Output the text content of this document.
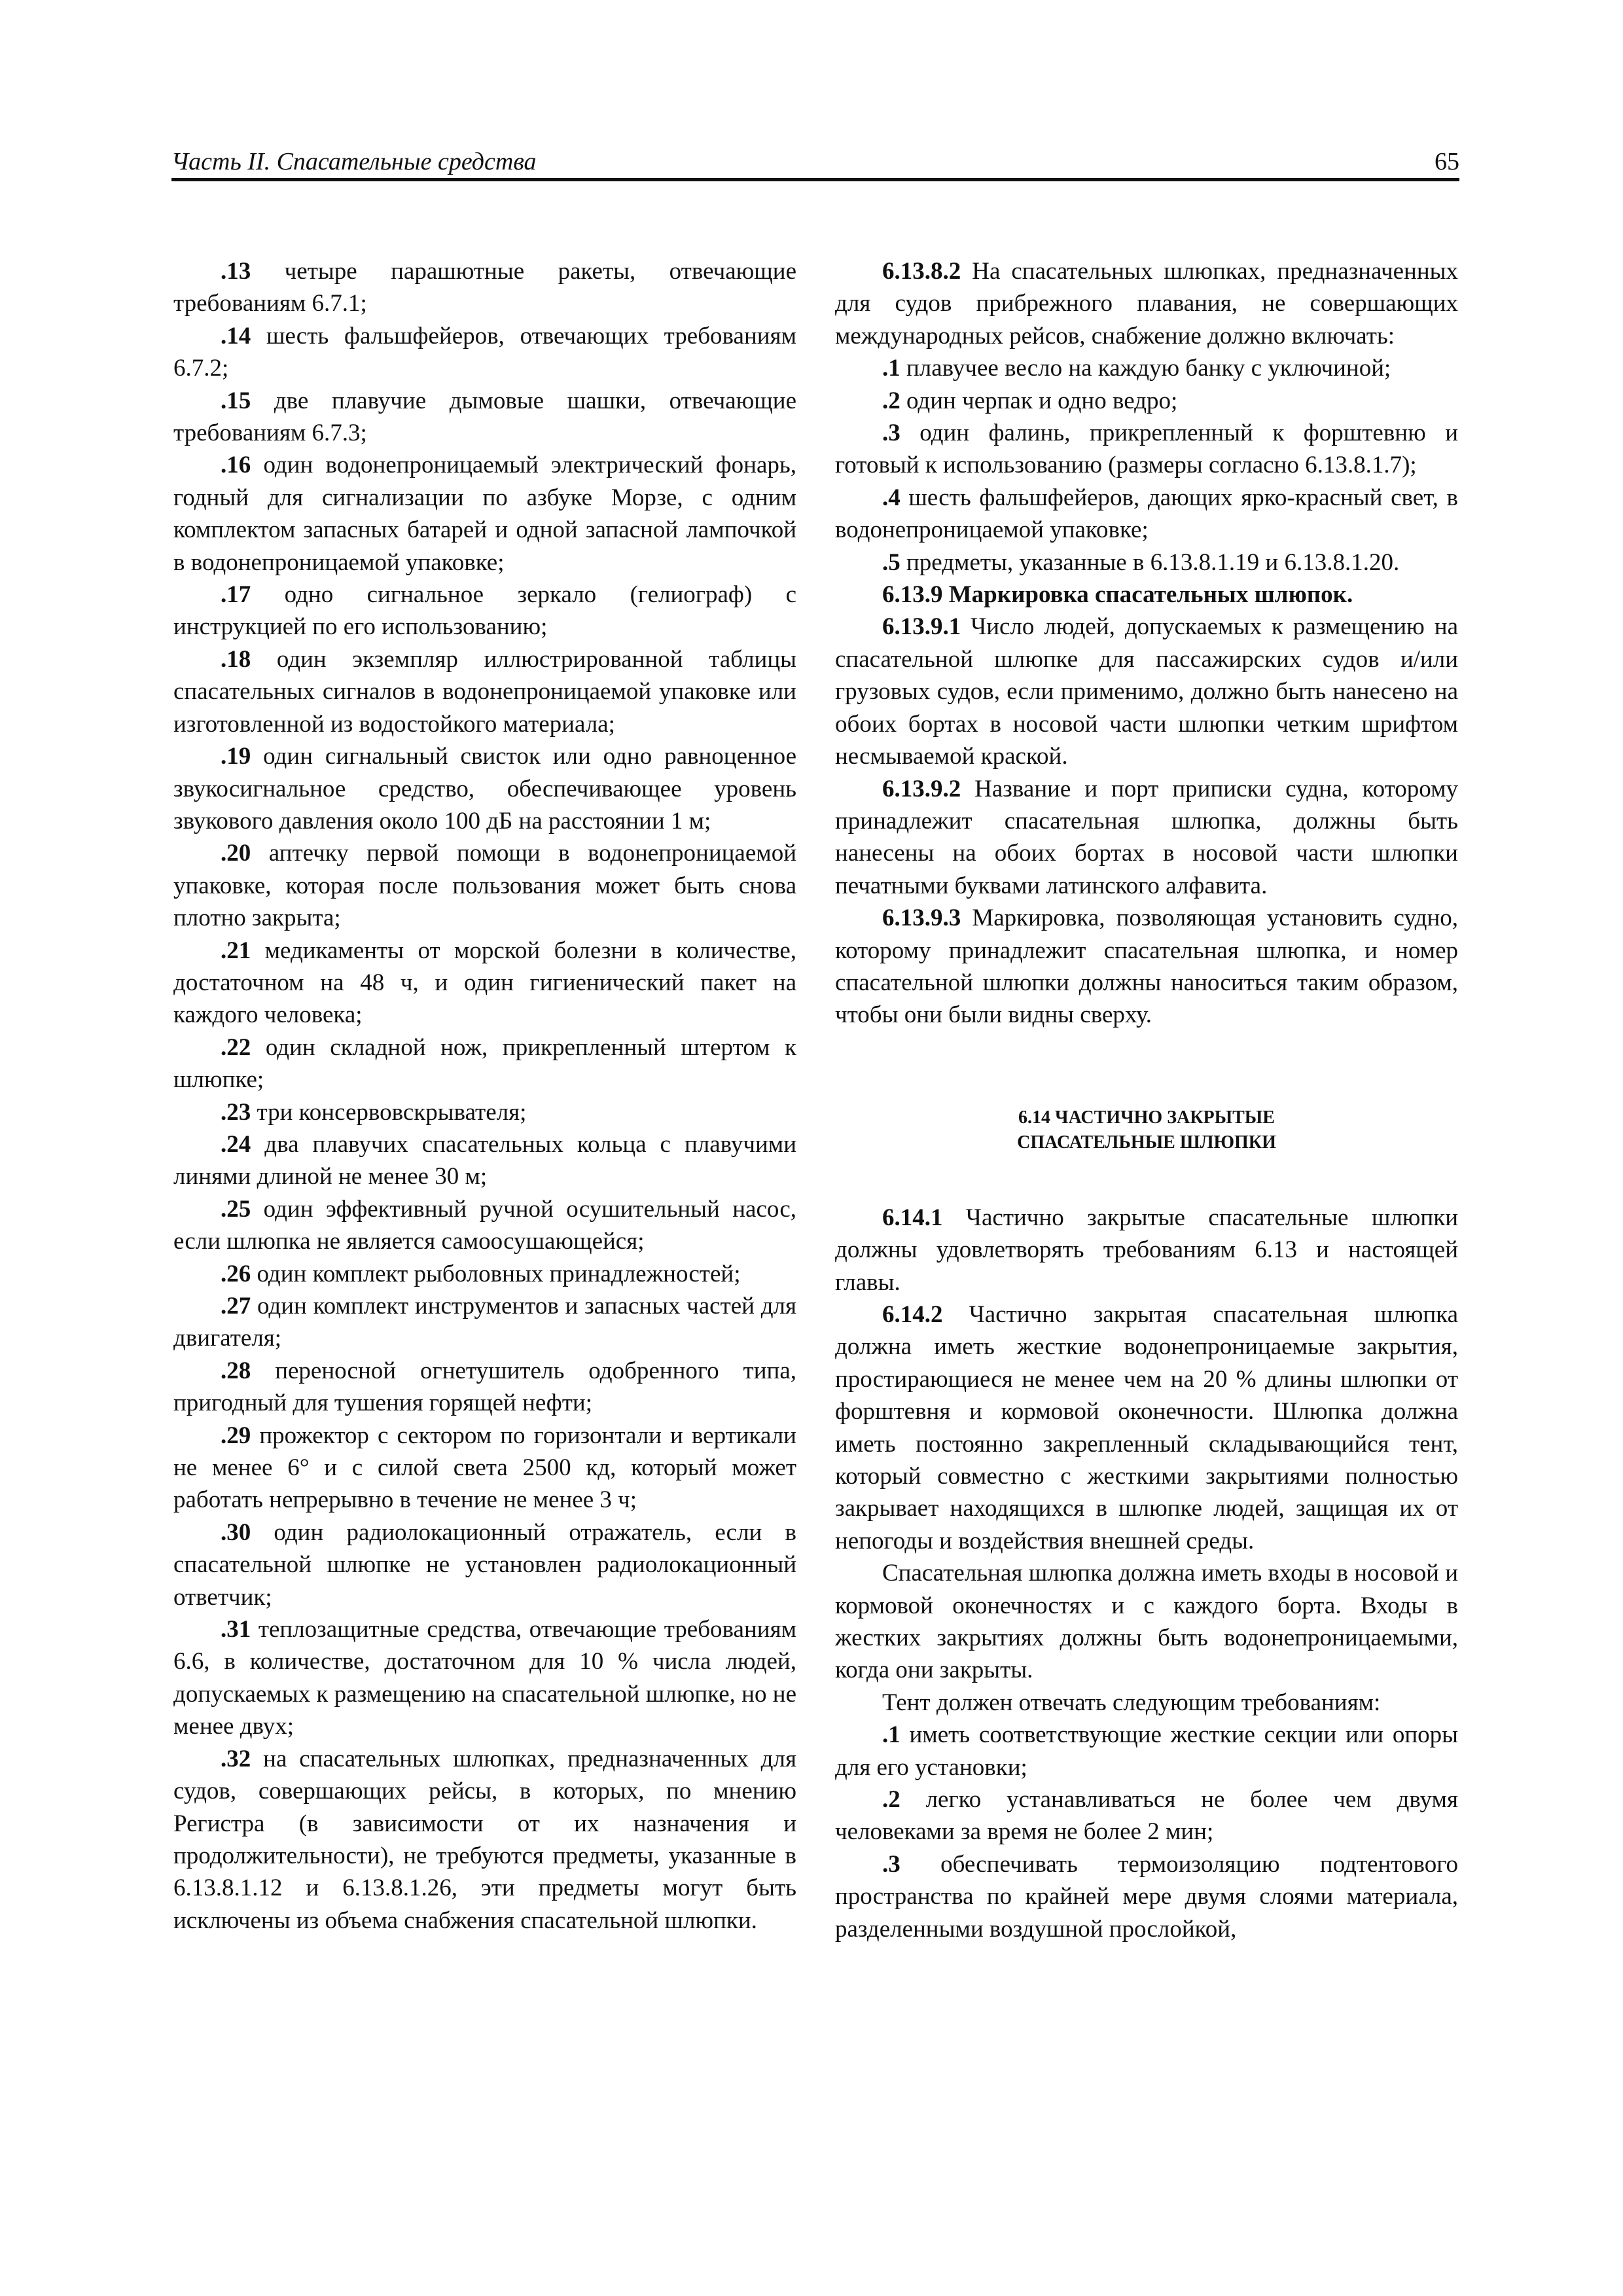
Часть II. Спасательные средства	65

.13 четыре парашютные ракеты, отвечающие требованиям 6.7.1;

.14 шесть фальшфейеров, отвечающих требованиям 6.7.2;

.15 две плавучие дымовые шашки, отвечающие требованиям 6.7.3;

.16 один водонепроницаемый электрический фонарь, годный для сигнализации по азбуке Морзе, с одним комплектом запасных батарей и одной запасной лампочкой в водонепроницаемой упаковке;

.17 одно сигнальное зеркало (гелиограф) с инструкцией по его использованию;

.18 один экземпляр иллюстрированной таблицы спасательных сигналов в водонепроницаемой упаковке или изготовленной из водостойкого материала;

.19 один сигнальный свисток или одно равноценное звукосигнальное средство, обеспечивающее уровень звукового давления около 100 дБ на расстоянии 1 м;

.20 аптечку первой помощи в водонепроницаемой упаковке, которая после пользования может быть снова плотно закрыта;

.21 медикаменты от морской болезни в количестве, достаточном на 48 ч, и один гигиенический пакет на каждого человека;

.22 один складной нож, прикрепленный штертом к шлюпке;

.23 три консервовскрывателя;

.24 два плавучих спасательных кольца с плавучими линями длиной не менее 30 м;

.25 один эффективный ручной осушительный насос, если шлюпка не является самоосушающейся;

.26 один комплект рыболовных принадлежностей;

.27 один комплект инструментов и запасных частей для двигателя;

.28 переносной огнетушитель одобренного типа, пригодный для тушения горящей нефти;

.29 прожектор с сектором по горизонтали и вертикали не менее 6° и с силой света 2500 кд, который может работать непрерывно в течение не менее 3 ч;

.30 один радиолокационный отражатель, если в спасательной шлюпке не установлен радиолокационный ответчик;

.31 теплозащитные средства, отвечающие требованиям 6.6, в количестве, достаточном для 10 % числа людей, допускаемых к размещению на спасательной шлюпке, но не менее двух;

.32 на спасательных шлюпках, предназначенных для судов, совершающих рейсы, в которых, по мнению Регистра (в зависимости от их назначения и продолжительности), не требуются предметы, указанные в 6.13.8.1.12 и 6.13.8.1.26, эти предметы могут быть исключены из объема снабжения спасательной шлюпки.

6.13.8.2 На спасательных шлюпках, предназначенных для судов прибрежного плавания, не совершающих международных рейсов, снабжение должно включать:

.1 плавучее весло на каждую банку с уключиной;

.2 один черпак и одно ведро;

.3 один фалинь, прикрепленный к форштевню и готовый к использованию (размеры согласно 6.13.8.1.7);

.4 шесть фальшфейеров, дающих ярко-красный свет, в водонепроницаемой упаковке;

.5 предметы, указанные в 6.13.8.1.19 и 6.13.8.1.20.

6.13.9 Маркировка спасательных шлюпок.

6.13.9.1 Число людей, допускаемых к размещению на спасательной шлюпке для пассажирских судов и/или грузовых судов, если применимо, должно быть нанесено на обоих бортах в носовой части шлюпки четким шрифтом несмываемой краской.

6.13.9.2 Название и порт приписки судна, которому принадлежит спасательная шлюпка, должны быть нанесены на обоих бортах в носовой части шлюпки печатными буквами латинского алфавита.

6.13.9.3 Маркировка, позволяющая установить судно, которому принадлежит спасательная шлюпка, и номер спасательной шлюпки должны наноситься таким образом, чтобы они были видны сверху.

6.14 ЧАСТИЧНО ЗАКРЫТЫЕ
СПАСАТЕЛЬНЫЕ ШЛЮПКИ

6.14.1 Частично закрытые спасательные шлюпки должны удовлетворять требованиям 6.13 и настоящей главы.

6.14.2 Частично закрытая спасательная шлюпка должна иметь жесткие водонепроницаемые закрытия, простирающиеся не менее чем на 20 % длины шлюпки от форштевня и кормовой оконечности. Шлюпка должна иметь постоянно закрепленный складывающийся тент, который совместно с жесткими закрытиями полностью закрывает находящихся в шлюпке людей, защищая их от непогоды и воздействия внешней среды.

Спасательная шлюпка должна иметь входы в носовой и кормовой оконечностях и с каждого борта. Входы в жестких закрытиях должны быть водонепроницаемыми, когда они закрыты.

Тент должен отвечать следующим требованиям:

.1 иметь соответствующие жесткие секции или опоры для его установки;

.2 легко устанавливаться не более чем двумя человеками за время не более 2 мин;

.3 обеспечивать термоизоляцию подтентового пространства по крайней мере двумя слоями материала, разделенными воздушной прослойкой,
